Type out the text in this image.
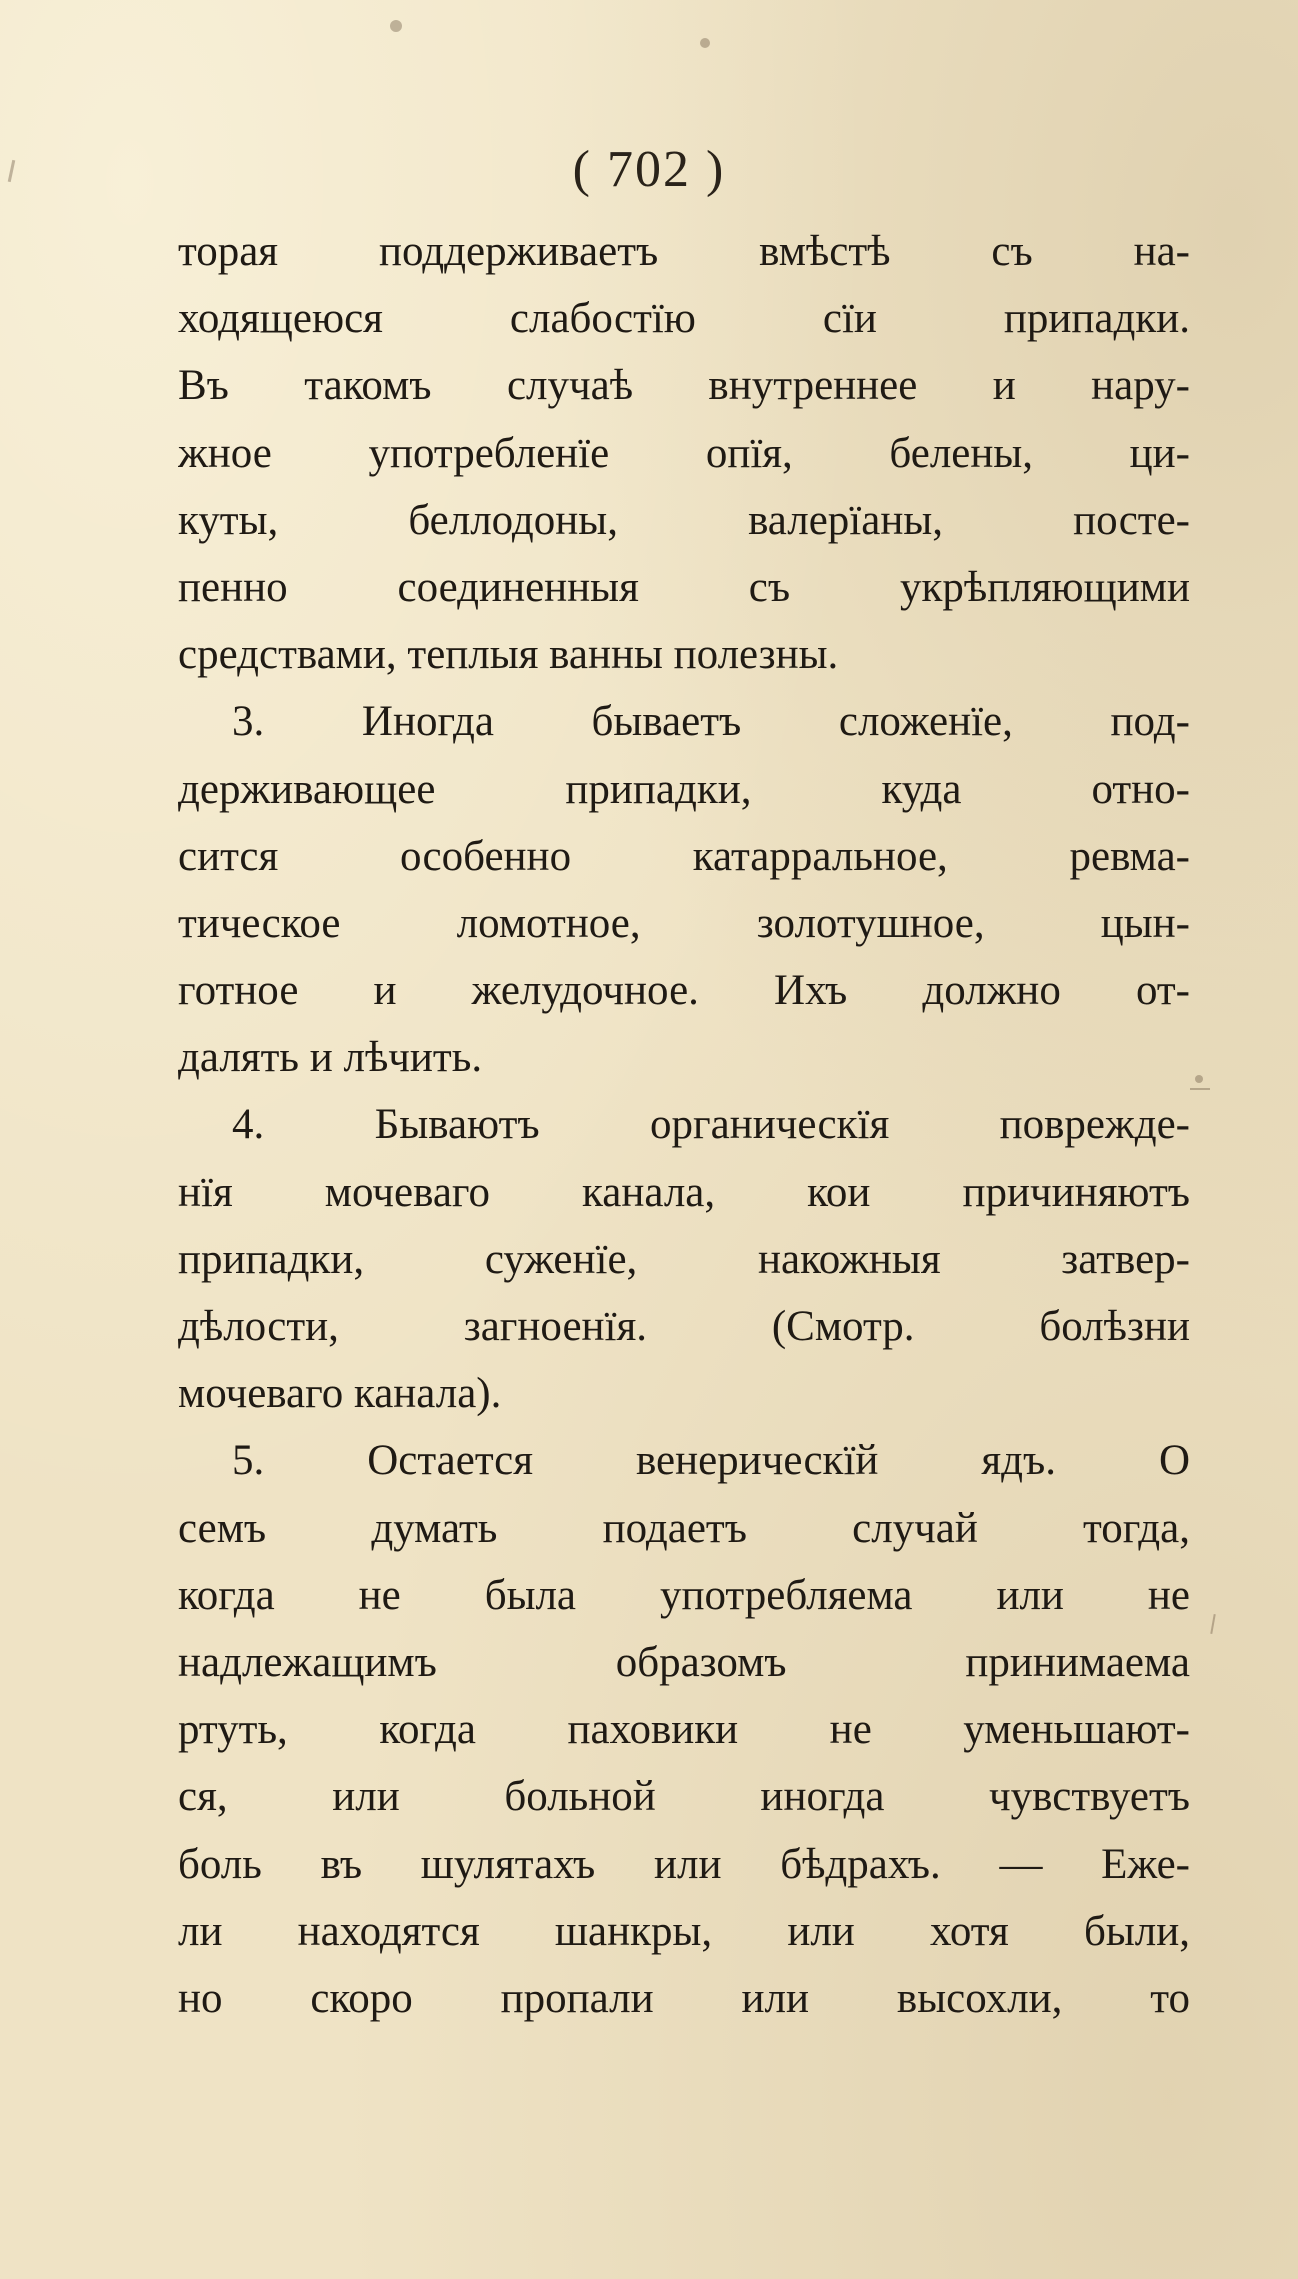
( 702 )
торая поддерживаетъ вмѣстѣ съ на-
ходящеюся слабостїю сїи припадки.
Въ такомъ случаѣ внутреннее и нару-
жное употребленїе опїя, белены, ци-
куты, беллодоны, валерїаны, посте-
пенно соединенныя съ укрѣпляющими
средствами, теплыя ванны полезны.
3. Иногда бываетъ сложенїе, под-
держивающее припадки, куда отно-
сится особенно катарральное, ревма-
тическое ломотное, золотушное, цын-
готное и желудочное. Ихъ должно от-
далять и лѣчить.
4. Бываютъ органическїя поврежде-
нїя мочеваго канала, кои причиняютъ
припадки, суженїе, накожныя затвер-
дѣлости, загноенїя. (Смотр. болѣзни
мочеваго канала).
5. Остается венерическїй ядъ. О
семъ думать подаетъ случай тогда,
когда не была употребляема или не
надлежащимъ образомъ принимаема
ртуть, когда паховики не уменьшают-
ся, или больной иногда чувствуетъ
боль въ шулятахъ или бѣдрахъ. — Еже-
ли находятся шанкры, или хотя были,
но скоро пропали или высохли, то
